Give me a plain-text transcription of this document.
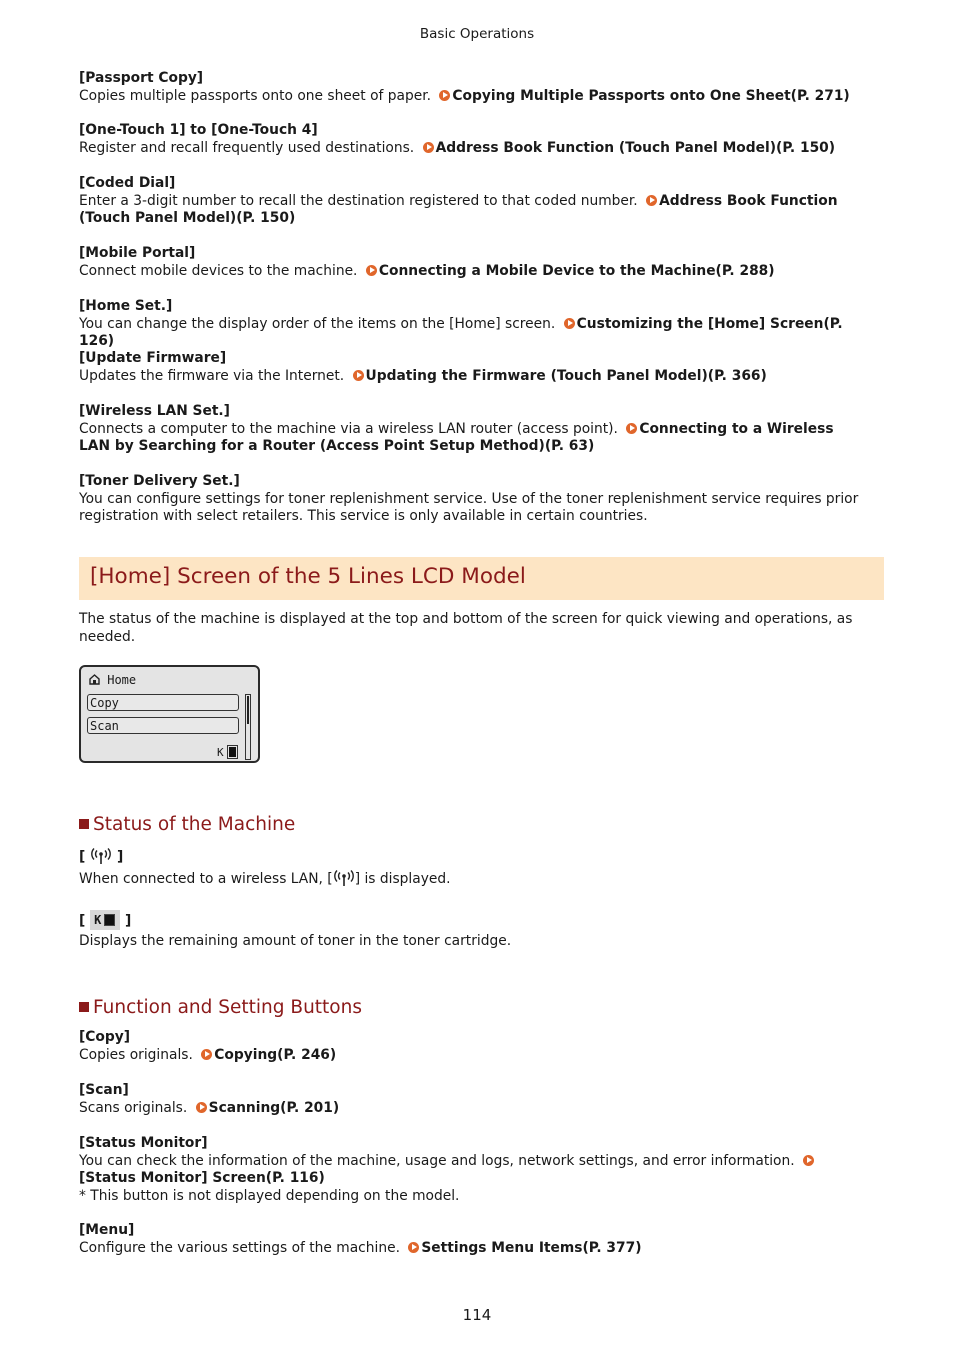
Basic Operations
[Passport Copy]
Copies multiple passports onto one sheet of paper. Copying Multiple Passports onto One Sheet(P. 271)
[One-Touch 1] to [One-Touch 4]
Register and recall frequently used destinations. Address Book Function (Touch Panel Model)(P. 150)
[Coded Dial]
Enter a 3-digit number to recall the destination registered to that coded number. Address Book Function (Touch Panel Model)(P. 150)
[Mobile Portal]
Connect mobile devices to the machine. Connecting a Mobile Device to the Machine(P. 288)
[Home Set.]
You can change the display order of the items on the [Home] screen. Customizing the [Home] Screen(P. 126)
[Update Firmware]
Updates the firmware via the Internet. Updating the Firmware (Touch Panel Model)(P. 366)
[Wireless LAN Set.]
Connects a computer to the machine via a wireless LAN router (access point). Connecting to a Wireless LAN by Searching for a Router (Access Point Setup Method)(P. 63)
[Toner Delivery Set.]
You can configure settings for toner replenishment service. Use of the toner replenishment service requires prior registration with select retailers. This service is only available in certain countries.
[Home] Screen of the 5 Lines LCD Model
The status of the machine is displayed at the top and bottom of the screen for quick viewing and operations, as needed.
Home
Copy
Scan
K
Status of the Machine
[ ]
When connected to a wireless LAN, [ ] is displayed.
[ K ]
Displays the remaining amount of toner in the toner cartridge.
Function and Setting Buttons
[Copy]
Copies originals. Copying(P. 246)
[Scan]
Scans originals. Scanning(P. 201)
[Status Monitor]
You can check the information of the machine, usage and logs, network settings, and error information. [Status Monitor] Screen(P. 116)
* This button is not displayed depending on the model.
[Menu]
Configure the various settings of the machine. Settings Menu Items(P. 377)
114
